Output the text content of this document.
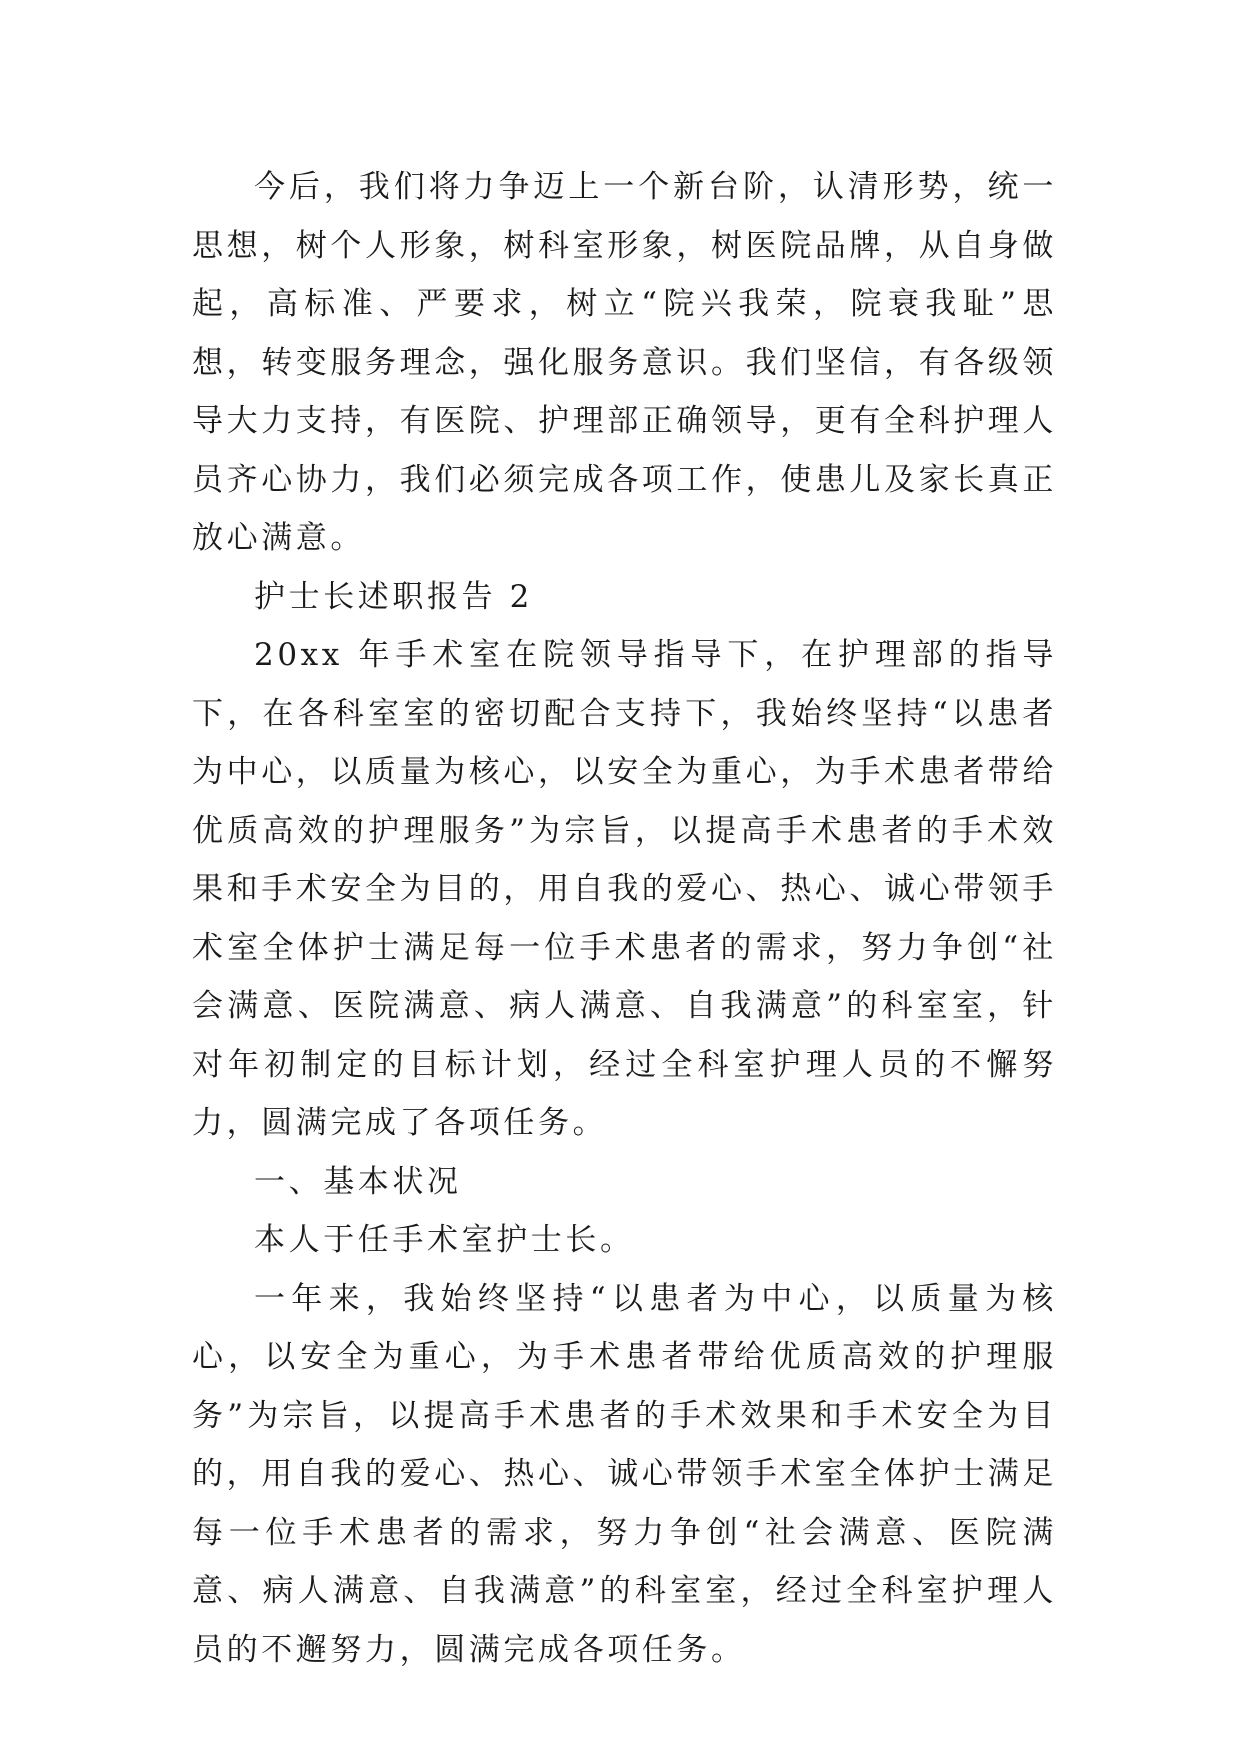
今后，我们将力争迈上一个新台阶，认清形势，统一思想，树个人形象，树科室形象，树医院品牌，从自身做起，高标准、严要求，树立“院兴我荣，院衰我耻”思想，转变服务理念，强化服务意识。我们坚信，有各级领导大力支持，有医院、护理部正确领导，更有全科护理人员齐心协力，我们必须完成各项工作，使患儿及家长真正放心满意。

护士长述职报告 2

20xx 年手术室在院领导指导下，在护理部的指导下，在各科室室的密切配合支持下，我始终坚持“以患者为中心，以质量为核心，以安全为重心，为手术患者带给优质高效的护理服务”为宗旨，以提高手术患者的手术效果和手术安全为目的，用自我的爱心、热心、诚心带领手术室全体护士满足每一位手术患者的需求，努力争创“社会满意、医院满意、病人满意、自我满意”的科室室，针对年初制定的目标计划，经过全科室护理人员的不懈努力，圆满完成了各项任务。

一、基本状况

本人于任手术室护士长。

一年来，我始终坚持“以患者为中心，以质量为核心，以安全为重心，为手术患者带给优质高效的护理服务”为宗旨，以提高手术患者的手术效果和手术安全为目的，用自我的爱心、热心、诚心带领手术室全体护士满足每一位手术患者的需求，努力争创“社会满意、医院满意、病人满意、自我满意”的科室室，经过全科室护理人员的不邂努力，圆满完成各项任务。
